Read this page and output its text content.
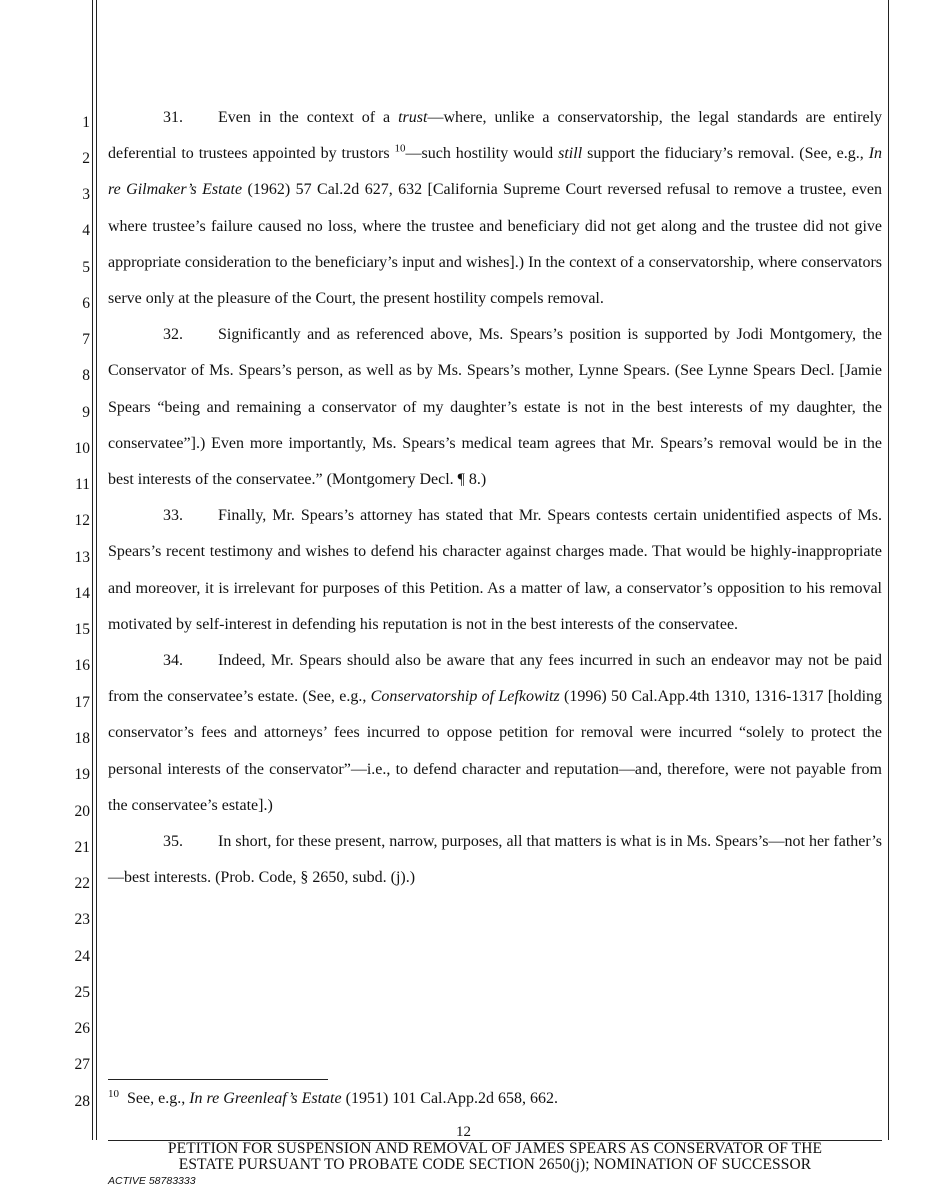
1
2
3
4
5
6
7
8
9
10
11
12
13
14
15
16
17
18
19
20
21
22
23
24
25
26
27
28

31. Even in the context of a trust—where, unlike a conservatorship, the legal standards are entirely deferential to trustees appointed by trustors $^{10}$—such hostility would still support the fiduciary’s removal. (See, e.g., In re Gilmaker’s Estate (1962) 57 Cal.2d 627, 632 [California Supreme Court reversed refusal to remove a trustee, even where trustee’s failure caused no loss, where the trustee and beneficiary did not get along and the trustee did not give appropriate consideration to the beneficiary’s input and wishes].) In the context of a conservatorship, where conservators serve only at the pleasure of the Court, the present hostility compels removal.

32. Significantly and as referenced above, Ms. Spears’s position is supported by Jodi Montgomery, the Conservator of Ms. Spears’s person, as well as by Ms. Spears’s mother, Lynne Spears. (See Lynne Spears Decl. [Jamie Spears “being and remaining a conservator of my daughter’s estate is not in the best interests of my daughter, the conservatee”].) Even more importantly, Ms. Spears’s medical team agrees that Mr. Spears’s removal would be in the best interests of the conservatee.” (Montgomery Decl. ¶ 8.)

33. Finally, Mr. Spears’s attorney has stated that Mr. Spears contests certain unidentified aspects of Ms. Spears’s recent testimony and wishes to defend his character against charges made. That would be highly-inappropriate and moreover, it is irrelevant for purposes of this Petition. As a matter of law, a conservator’s opposition to his removal motivated by self-interest in defending his reputation is not in the best interests of the conservatee.

34. Indeed, Mr. Spears should also be aware that any fees incurred in such an endeavor may not be paid from the conservatee’s estate. (See, e.g., Conservatorship of Lefkowitz (1996) 50 Cal.App.4th 1310, 1316-1317 [holding conservator’s fees and attorneys’ fees incurred to oppose petition for removal were incurred “solely to protect the personal interests of the conservator”—i.e., to defend character and reputation—and, therefore, were not payable from the conservatee’s estate].)

35. In short, for these present, narrow, purposes, all that matters is what is in Ms. Spears’s—not her father’s—best interests. (Prob. Code, § 2650, subd. (j).)

$^{10}$ See, e.g., In re Greenleaf’s Estate (1951) 101 Cal.App.2d 658, 662.
12
PETITION FOR SUSPENSION AND REMOVAL OF JAMES SPEARS AS CONSERVATOR OF THE
ESTATE PURSUANT TO PROBATE CODE SECTION 2650(j); NOMINATION OF SUCCESSOR
ACTIVE 58783333
